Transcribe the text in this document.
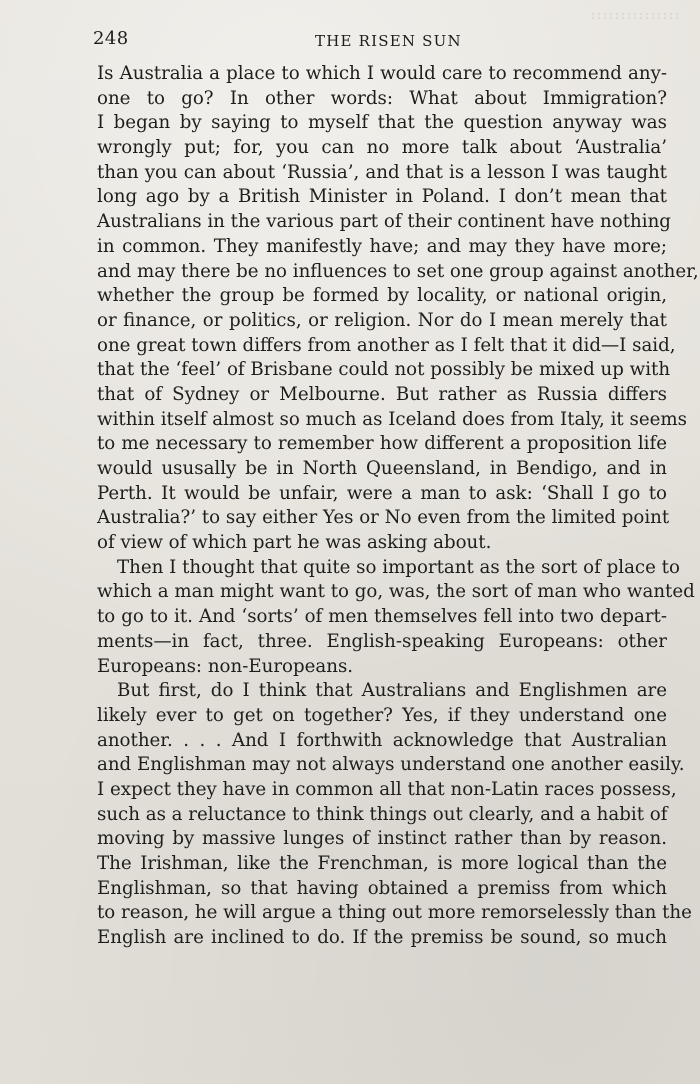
248	THE RISEN SUN
Is Australia a place to which I would care to recommend any-
one to go? In other words: What about Immigration?
I began by saying to myself that the question anyway was
wrongly put; for, you can no more talk about ‘Australia’
than you can about ‘Russia’, and that is a lesson I was taught
long ago by a British Minister in Poland. I don’t mean that
Australians in the various part of their continent have nothing
in common. They manifestly have; and may they have more;
and may there be no influences to set one group against another,
whether the group be formed by locality, or national origin,
or finance, or politics, or religion. Nor do I mean merely that
one great town differs from another as I felt that it did—I said,
that the ‘feel’ of Brisbane could not possibly be mixed up with
that of Sydney or Melbourne. But rather as Russia differs
within itself almost so much as Iceland does from Italy, it seems
to me necessary to remember how different a proposition life
would ususally be in North Queensland, in Bendigo, and in
Perth. It would be unfair, were a man to ask: ‘Shall I go to
Australia?’ to say either Yes or No even from the limited point
of view of which part he was asking about.
Then I thought that quite so important as the sort of place to
which a man might want to go, was, the sort of man who wanted
to go to it. And ‘sorts’ of men themselves fell into two depart-
ments—in fact, three. English-speaking Europeans: other
Europeans: non-Europeans.
But first, do I think that Australians and Englishmen are
likely ever to get on together? Yes, if they understand one
another. . . . And I forthwith acknowledge that Australian
and Englishman may not always understand one another easily.
I expect they have in common all that non-Latin races possess,
such as a reluctance to think things out clearly, and a habit of
moving by massive lunges of instinct rather than by reason.
The Irishman, like the Frenchman, is more logical than the
Englishman, so that having obtained a premiss from which
to reason, he will argue a thing out more remorselessly than the
English are inclined to do. If the premiss be sound, so much
